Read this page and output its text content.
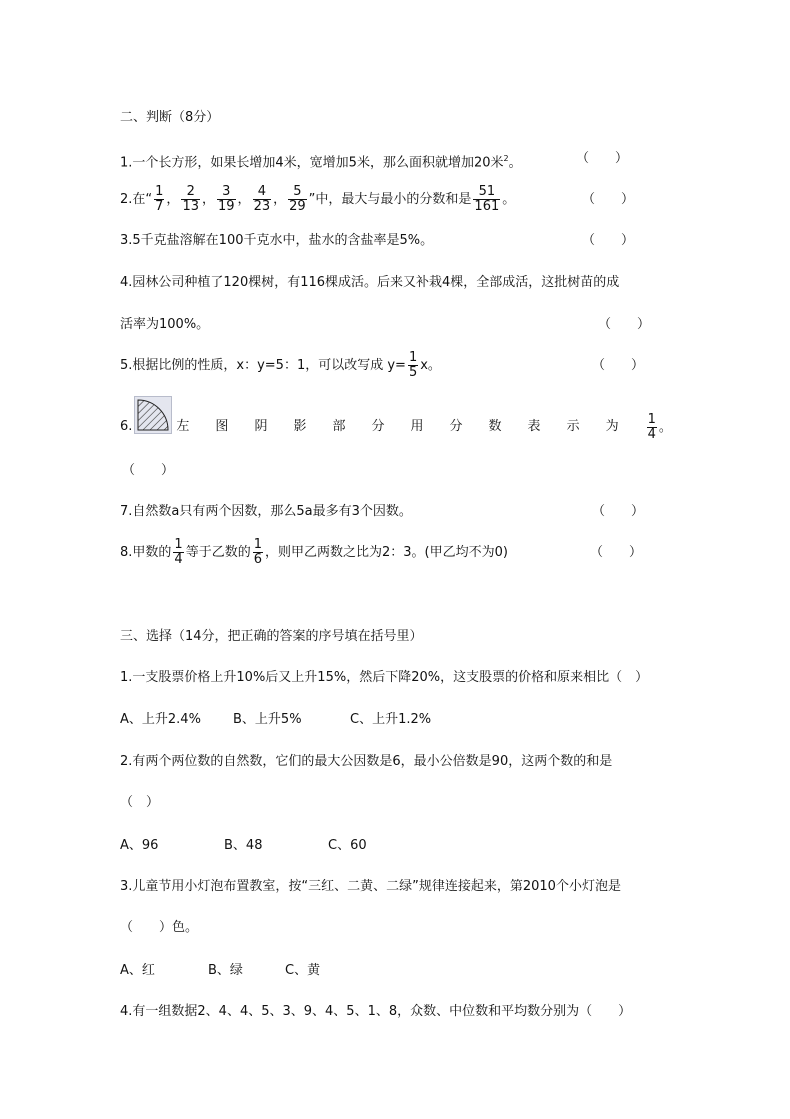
二、判断（8分）
1.一个长方形，如果长增加4米，宽增加5米，那么面积就增加20米$^2$。	（　　）
2.在“ $\frac{1}{7}$ ， $\frac{2}{13}$ ， $\frac{3}{19}$ ， $\frac{4}{23}$ ， $\frac{5}{29}$ ”中，最大与最小的分数和是 $\frac{51}{161}$ 。	（　　）
3.5千克盐溶解在100千克水中，盐水的含盐率是5%。	（　　）
4.园林公司种植了120棵树，有116棵成活。后来又补栽4棵，全部成活，这批树苗的成
活率为100%。	（　　）
5.根据比例的性质，x：y=5：1，可以改写成 $y= \frac{1}{5}$ x。	（　　）
6.	左 图 阴 影 部 分 用 分 数 表 示 为 $\frac{1}{4}$ 。
（　　）
7.自然数a只有两个因数，那么5a最多有3个因数。	（　　）
8.甲数的 $\frac{1}{4}$ 等于乙数的 $\frac{1}{6}$ ，则甲乙两数之比为2：3。(甲乙均不为0)	（　　）
三、选择（14分，把正确的答案的序号填在括号里）
1.一支股票价格上升10%后又上升15%，然后下降20%，这支股票的价格和原来相比（　）
A、上升2.4% B、上升5%	C、上升1.2%
2.有两个两位数的自然数，它们的最大公因数是6，最小公倍数是90，这两个数的和是
（　）
A、96	B、48	C、60
3.儿童节用小灯泡布置教室，按“三红、二黄、二绿”规律连接起来，第2010个小灯泡是
（　　）色。
A、红	B、绿	C、黄
4.有一组数据2、4、4、5、3、9、4、5、1、8，众数、中位数和平均数分别为（　　）
